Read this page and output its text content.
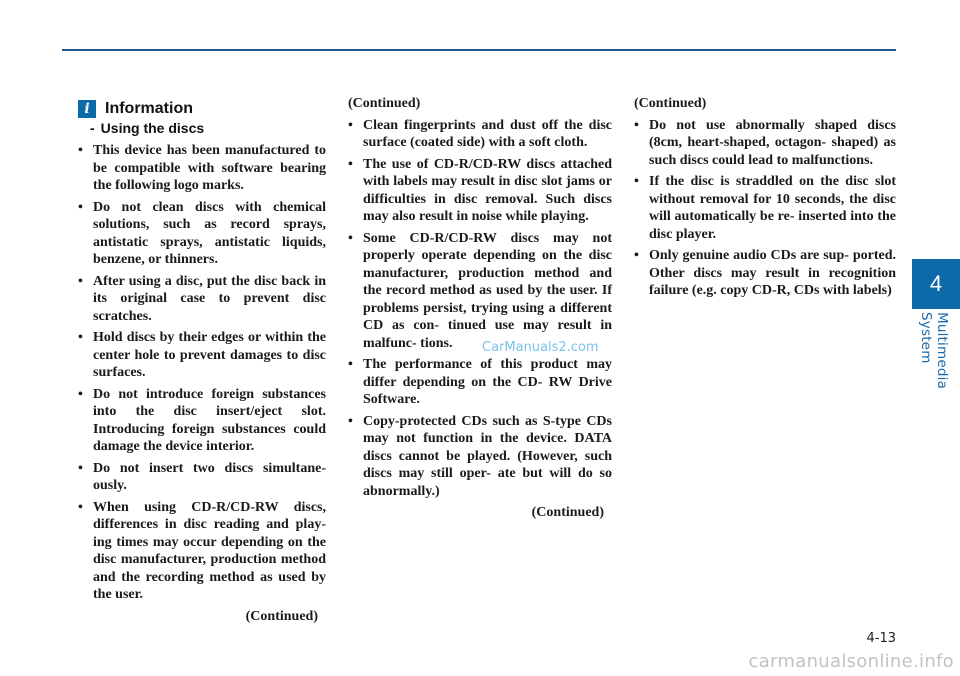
4
Multimedia System
i Information
- Using the discs
• This device has been manufactured to be compatible with software bearing the following logo marks.
• Do not clean discs with chemical solutions, such as record sprays, antistatic sprays, antistatic liquids, benzene, or thinners.
• After using a disc, put the disc back in its original case to prevent disc scratches.
• Hold discs by their edges or within the center hole to prevent damages to disc surfaces.
• Do not introduce foreign substances into the disc insert/eject slot. Introducing foreign substances could damage the device interior.
• Do not insert two discs simultane- ously.
• When using CD-R/CD-RW discs, differences in disc reading and play- ing times may occur depending on the disc manufacturer, production method and the recording method as used by the user.
(Continued)
(Continued)
• Clean fingerprints and dust off the disc surface (coated side) with a soft cloth.
• The use of CD-R/CD-RW discs attached with labels may result in disc slot jams or difficulties in disc removal. Such discs may also result in noise while playing.
• Some CD-R/CD-RW discs may not properly operate depending on the disc manufacturer, production method and the record method as used by the user. If problems persist, trying using a different CD as con- tinued use may result in malfunc- tions.
• The performance of this product may differ depending on the CD- RW Drive Software.
• Copy-protected CDs such as S-type CDs may not function in the device. DATA discs cannot be played. (However, such discs may still oper- ate but will do so abnormally.)
(Continued)
(Continued)
• Do not use abnormally shaped discs (8cm, heart-shaped, octagon- shaped) as such discs could lead to malfunctions.
• If the disc is straddled on the disc slot without removal for 10 seconds, the disc will automatically be re- inserted into the disc player.
• Only genuine audio CDs are sup- ported. Other discs may result in recognition failure (e.g. copy CD-R, CDs with labels)
CarManuals2.com
4-13
carmanualsonline.info
